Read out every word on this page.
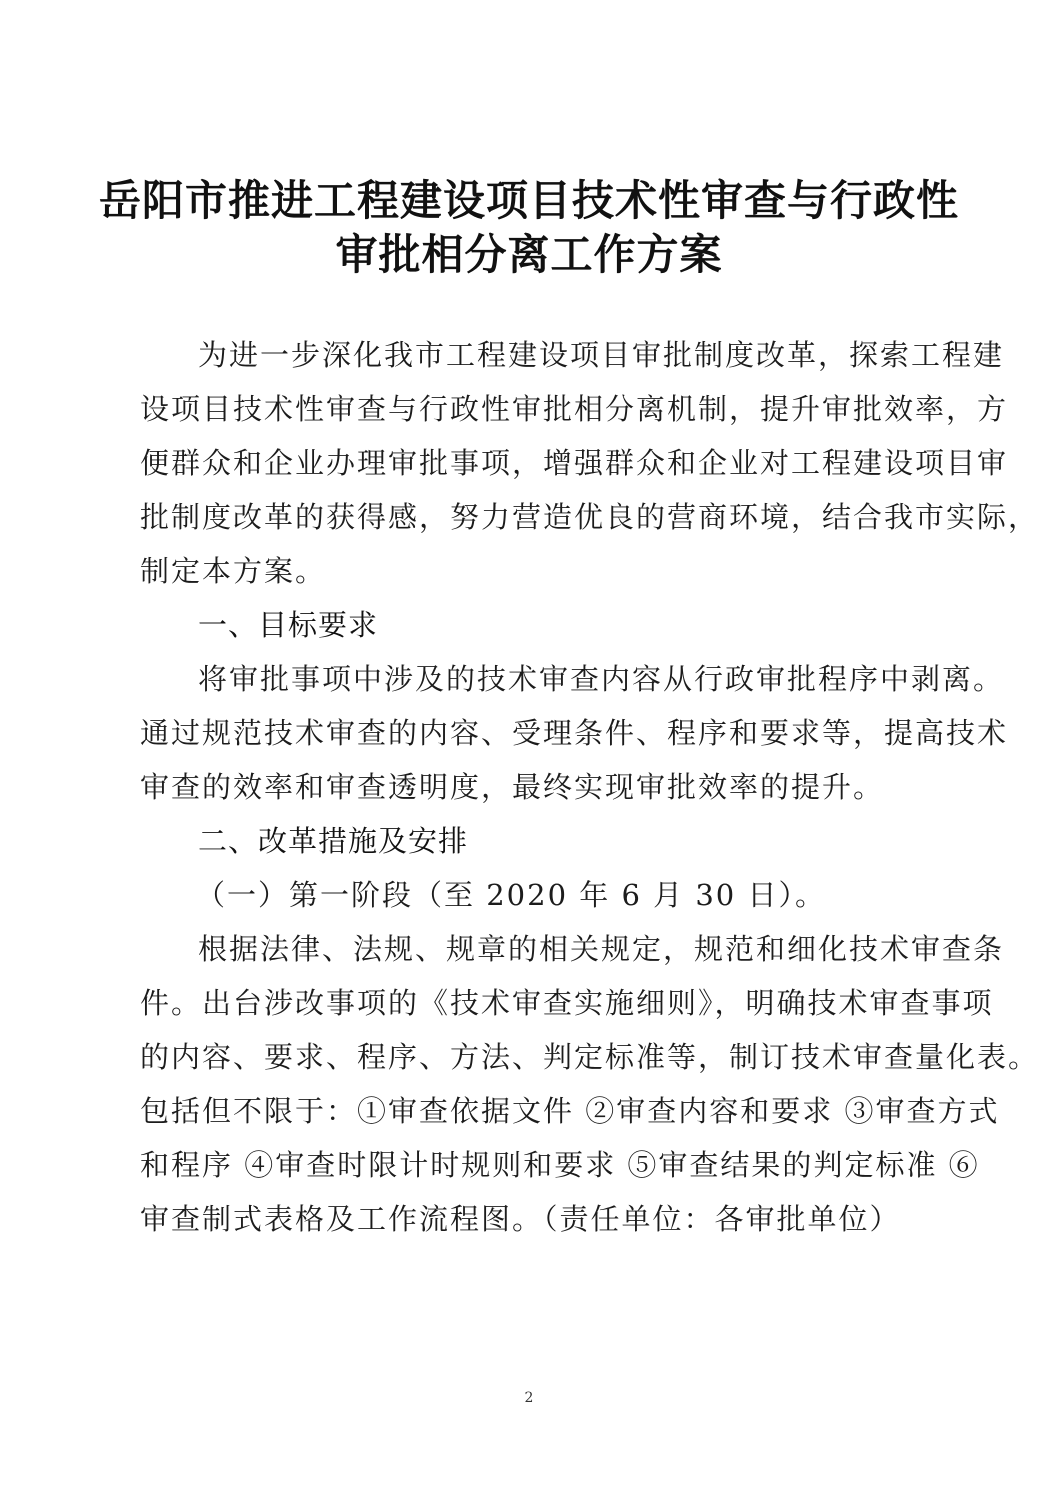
岳阳市推进工程建设项目技术性审查与行政性
审批相分离工作方案
为进一步深化我市工程建设项目审批制度改革，探索工程建
设项目技术性审查与行政性审批相分离机制，提升审批效率，方
便群众和企业办理审批事项，增强群众和企业对工程建设项目审
批制度改革的获得感，努力营造优良的营商环境，结合我市实际，
制定本方案。
一、目标要求
将审批事项中涉及的技术审查内容从行政审批程序中剥离。
通过规范技术审查的内容、受理条件、程序和要求等，提高技术
审查的效率和审查透明度，最终实现审批效率的提升。
二、改革措施及安排
（一）第一阶段（至 2020 年 6 月 30 日）。
根据法律、法规、规章的相关规定，规范和细化技术审查条
件。出台涉改事项的《技术审查实施细则》，明确技术审查事项
的内容、要求、程序、方法、判定标准等，制订技术审查量化表。
包括但不限于：①审查依据文件 ②审查内容和要求 ③审查方式
和程序 ④审查时限计时规则和要求 ⑤审查结果的判定标准 ⑥
审查制式表格及工作流程图。（责任单位：各审批单位）
2
